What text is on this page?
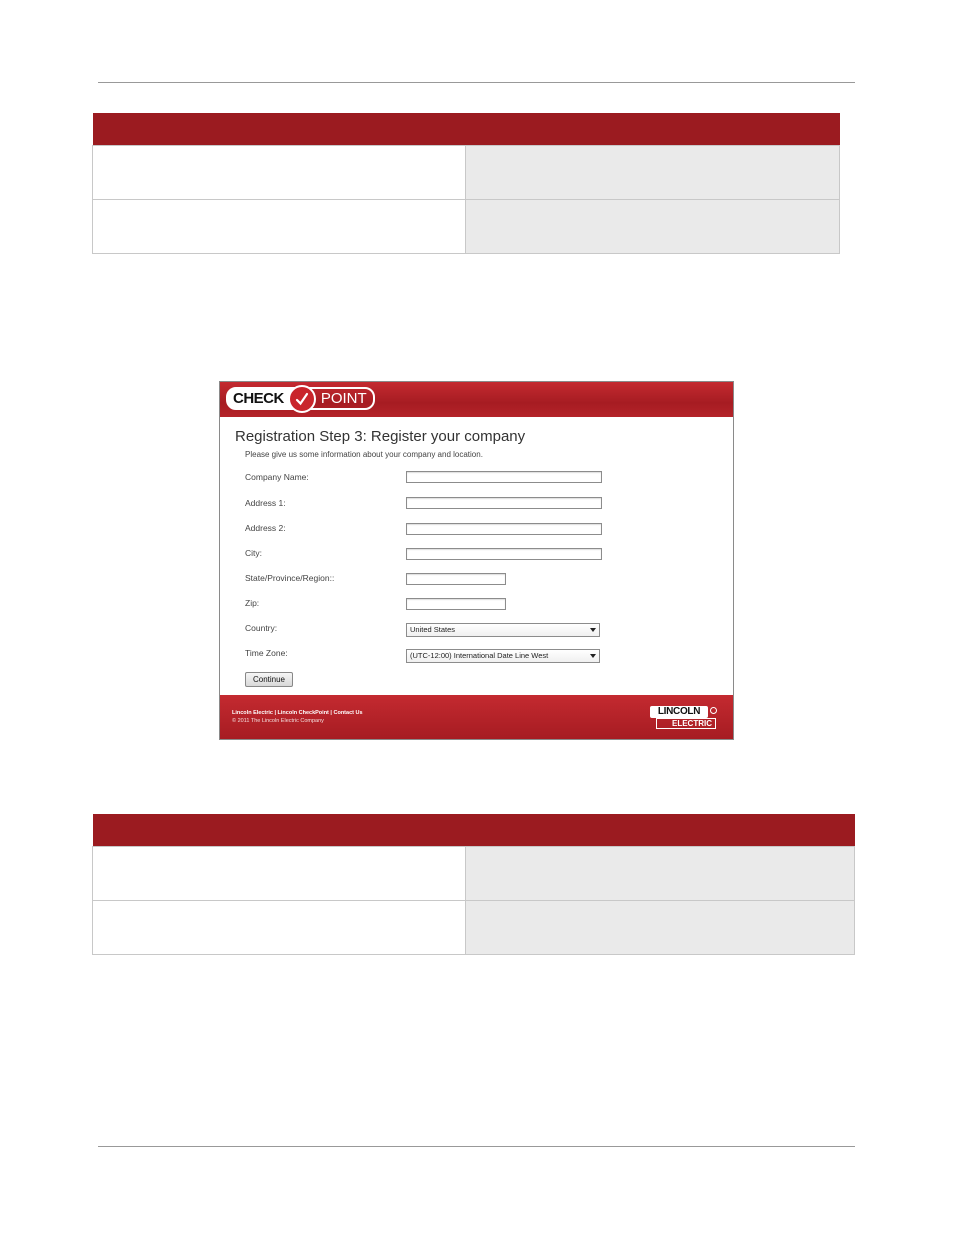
CHECK	POINT
Registration Step 3: Register your company
Please give us some information about your company and location.
Company Name:
Address 1:
Address 2:
City:
State/Province/Region::
Zip:
Country:	United States
Time Zone:	(UTC-12:00) International Date Line West
Continue
Lincoln Electric | Lincoln CheckPoint | Contact Us
© 2011 The Lincoln Electric Company
LINCOLN
ELECTRIC
